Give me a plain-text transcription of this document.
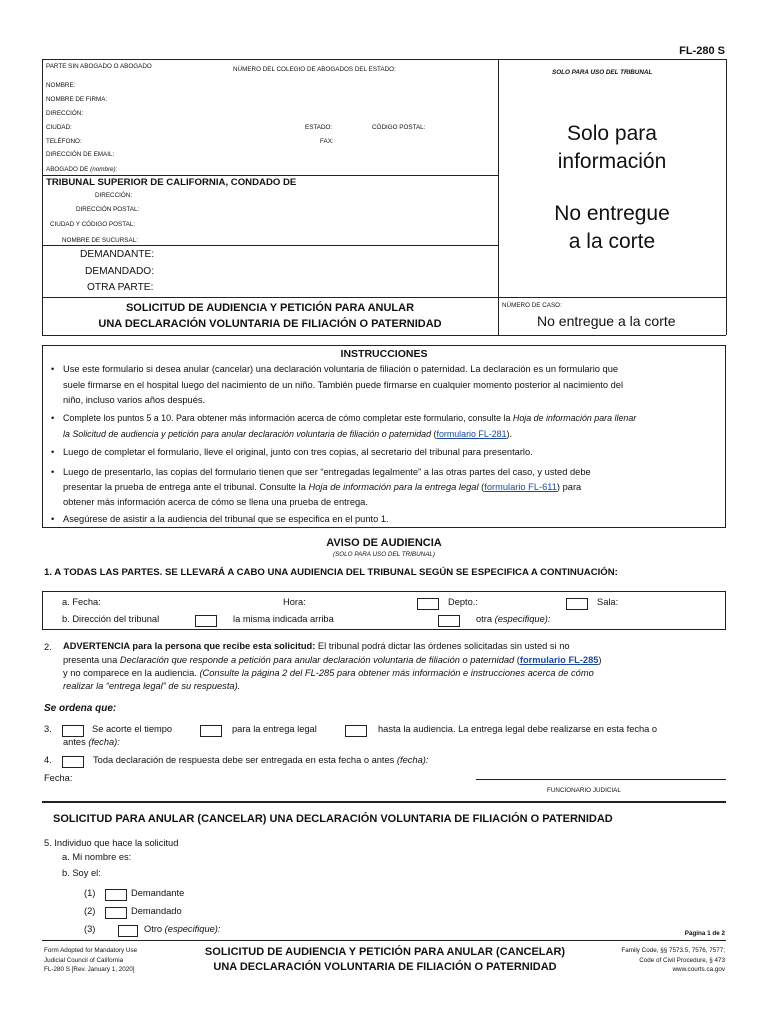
FL-280 S
PARTE SIN ABOGADO O ABOGADO	NÚMERO DEL COLEGIO DE ABOGADOS DEL ESTADO:	SOLO PARA USO DEL TRIBUNAL
NOMBRE:
NOMBRE DE FIRMA:
DIRECCIÓN:
CIUDAD:	ESTADO:	CÓDIGO POSTAL:
TELÉFONO:	FAX:
DIRECCIÓN DE EMAIL:
ABOGADO DE (nombre):
TRIBUNAL SUPERIOR DE CALIFORNIA, CONDADO DE
DIRECCIÓN:
DIRECCIÓN POSTAL:
CIUDAD Y CÓDIGO POSTAL:
NOMBRE DE SUCURSAL:
DEMANDANTE:
DEMANDADO:
OTRA PARTE:
SOLICITUD DE AUDIENCIA Y PETICIÓN PARA ANULAR
UNA DECLARACIÓN VOLUNTARIA DE FILIACIÓN O PATERNIDAD
NÚMERO DE CASO:
No entregue a la corte
Solo para
información
No entregue
a la corte
INSTRUCCIONES
• Use este formulario si desea anular (cancelar) una declaración voluntaria de filiación o paternidad. La declaración es un formulario que
suele firmarse en el hospital luego del nacimiento de un niño. También puede firmarse en cualquier momento posterior al nacimiento del
niño, incluso varios años después.
• Complete los puntos 5 a 10. Para obtener más información acerca de cómo completar este formulario, consulte la Hoja de información para llenar
la Solicitud de audiencia y petición para anular declaración voluntaria de filiación o paternidad (formulario FL-281).
• Luego de completar el formulario, lleve el original, junto con tres copias, al secretario del tribunal para presentarlo.
• Luego de presentarlo, las copias del formulario tienen que ser “entregadas legalmente” a las otras partes del caso, y usted debe
presentar la prueba de entrega ante el tribunal. Consulte la Hoja de información para la entrega legal (formulario FL-611) para
obtener más información acerca de cómo se llena una prueba de entrega.
• Asegúrese de asistir a la audiencia del tribunal que se especifica en el punto 1.
AVISO DE AUDIENCIA
(SOLO PARA USO DEL TRIBUNAL)
1. A TODAS LAS PARTES. SE LLEVARÁ A CABO UNA AUDIENCIA DEL TRIBUNAL SEGÚN SE ESPECIFICA A CONTINUACIÓN:
a. Fecha:	Hora:	Depto.:	Sala:
b. Dirección del tribunal	la misma indicada arriba	otra (especifique):
2. ADVERTENCIA para la persona que recibe esta solicitud: El tribunal podrá dictar las órdenes solicitadas sin usted si no
presenta una Declaración que responde a petición para anular declaración voluntaria de filiación o paternidad (formulario FL-285)
y no comparece en la audiencia. (Consulte la página 2 del FL-285 para obtener más información e instrucciones acerca de cómo
realizar la “entrega legal” de su respuesta).
Se ordena que:
3.	Se acorte el tiempo	para la entrega legal	hasta la audiencia. La entrega legal debe realizarse en esta fecha o
antes (fecha):
4.	Toda declaración de respuesta debe ser entregada en esta fecha o antes (fecha):
Fecha:
FUNCIONARIO JUDICIAL
SOLICITUD PARA ANULAR (CANCELAR) UNA DECLARACIÓN VOLUNTARIA DE FILIACIÓN O PATERNIDAD
5. Individuo que hace la solicitud
a. Mi nombre es:
b. Soy el:
(1)	Demandante
(2)	Demandado
(3)	Otro (especifique):	Página 1 de 2
Form Adopted for Mandatory Use
Judicial Council of California
FL-280 S [Rev. January 1, 2020]
SOLICITUD DE AUDIENCIA Y PETICIÓN PARA ANULAR (CANCELAR)
UNA DECLARACIÓN VOLUNTARIA DE FILIACIÓN O PATERNIDAD
Family Code, §§ 7573.5, 7576, 7577;
Code of Civil Procedure, § 473
www.courts.ca.gov
